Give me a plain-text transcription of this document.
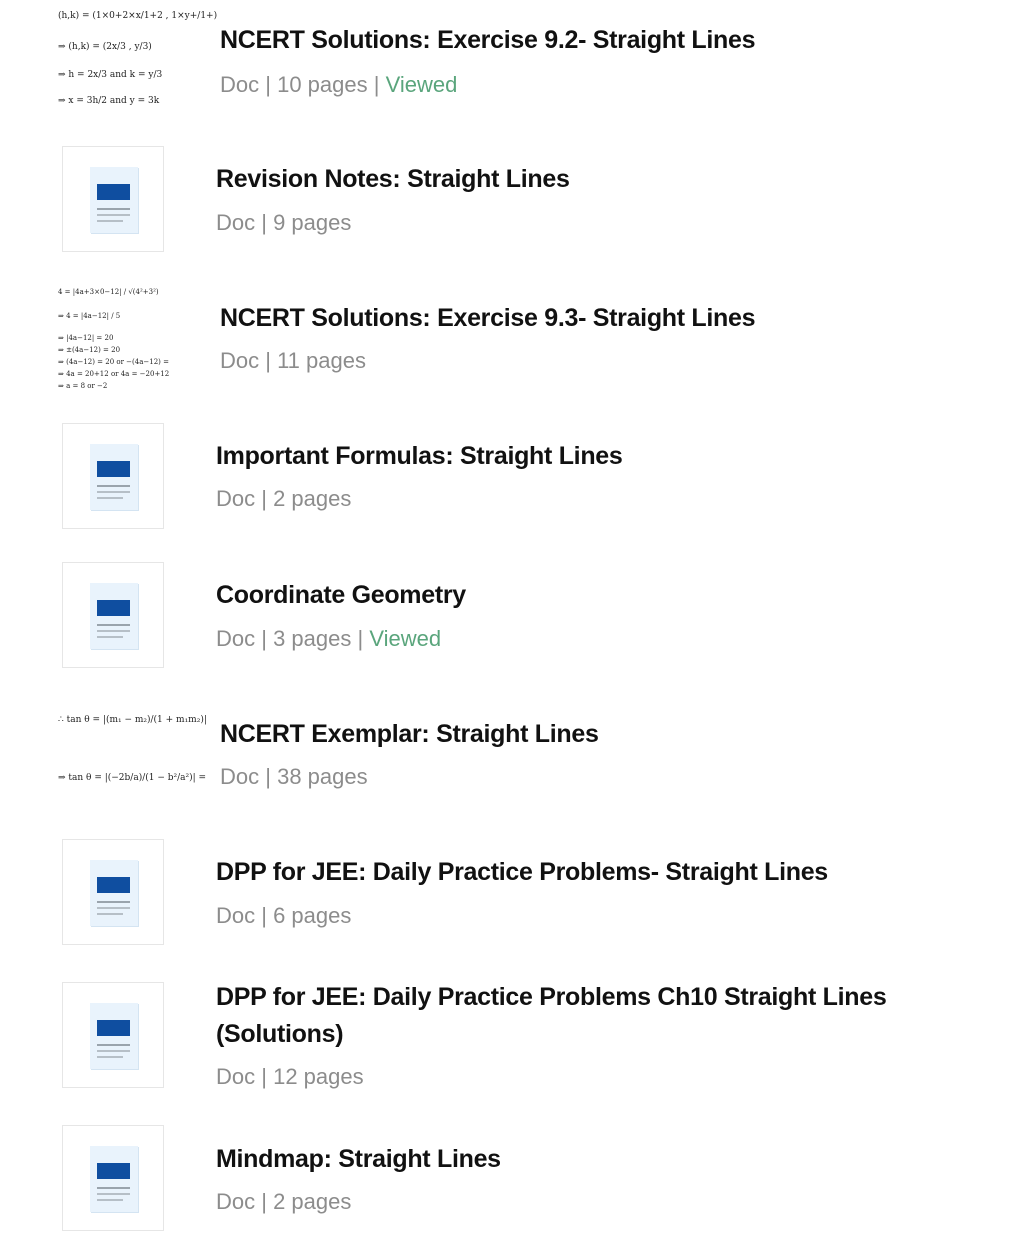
(h,k) = (1×0+2×x/1+2 , 1×y+/1+)
⇒ (h,k) = (2x/3 , y/3)
⇒ h = 2x/3 and k = y/3
⇒ x = 3h/2 and y = 3k
NCERT Solutions: Exercise 9.2- Straight Lines
Doc | 10 pages | Viewed
Revision Notes: Straight Lines
Doc | 9 pages
4 = |4a+3×0−12| / √(4²+3²)
⇒ 4 = |4a−12| / 5
⇒ |4a−12| = 20
⇒ ±(4a−12) = 20
⇒ (4a−12) = 20 or −(4a−12) =
⇒ 4a = 20+12 or 4a = −20+12
⇒ a = 8 or −2
NCERT Solutions: Exercise 9.3- Straight Lines
Doc | 11 pages
Important Formulas: Straight Lines
Doc | 2 pages
Coordinate Geometry
Doc | 3 pages | Viewed
∴ tan θ = |(m₁ − m₂)/(1 + m₁m₂)|
⇒ tan θ = |(−2b/a)/(1 − b²/a²)| =
NCERT Exemplar: Straight Lines
Doc | 38 pages
DPP for JEE: Daily Practice Problems- Straight Lines
Doc | 6 pages
DPP for JEE: Daily Practice Problems Ch10 Straight Lines (Solutions)
Doc | 12 pages
Mindmap: Straight Lines
Doc | 2 pages
